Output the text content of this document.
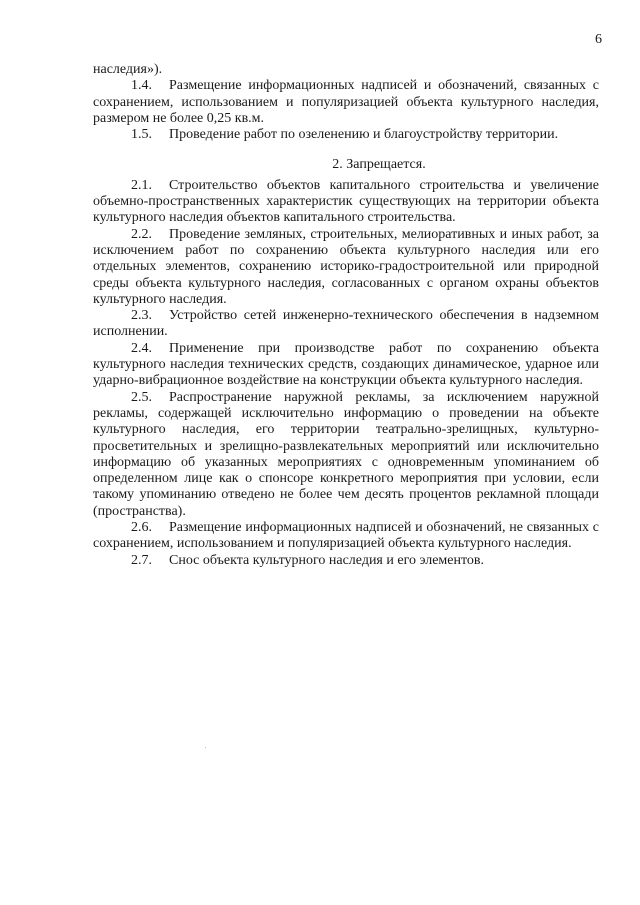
6

наследия»).

1.4. Размещение информационных надписей и обозначений, связанных с сохранением, использованием и популяризацией объекта культурного наследия, размером не более 0,25 кв.м.

1.5. Проведение работ по озеленению и благоустройству территории.

2. Запрещается.

2.1. Строительство объектов капитального строительства и увеличение объемно-пространственных характеристик существующих на территории объекта культурного наследия объектов капитального строительства.

2.2. Проведение земляных, строительных, мелиоративных и иных работ, за исключением работ по сохранению объекта культурного наследия или его отдельных элементов, сохранению историко-градостроительной или природной среды объекта культурного наследия, согласованных с органом охраны объектов культурного наследия.

2.3. Устройство сетей инженерно-технического обеспечения в надземном исполнении.

2.4. Применение при производстве работ по сохранению объекта культурного наследия технических средств, создающих динамическое, ударное или ударно-вибрационное воздействие на конструкции объекта культурного наследия.

2.5. Распространение наружной рекламы, за исключением наружной рекламы, содержащей исключительно информацию о проведении на объекте культурного наследия, его территории театрально-зрелищных, культурно-просветительных и зрелищно-развлекательных мероприятий или исключительно информацию об указанных мероприятиях с одновременным упоминанием об определенном лице как о спонсоре конкретного мероприятия при условии, если такому упоминанию отведено не более чем десять процентов рекламной площади (пространства).

2.6. Размещение информационных надписей и обозначений, не связанных с сохранением, использованием и популяризацией объекта культурного наследия.

2.7. Снос объекта культурного наследия и его элементов.
